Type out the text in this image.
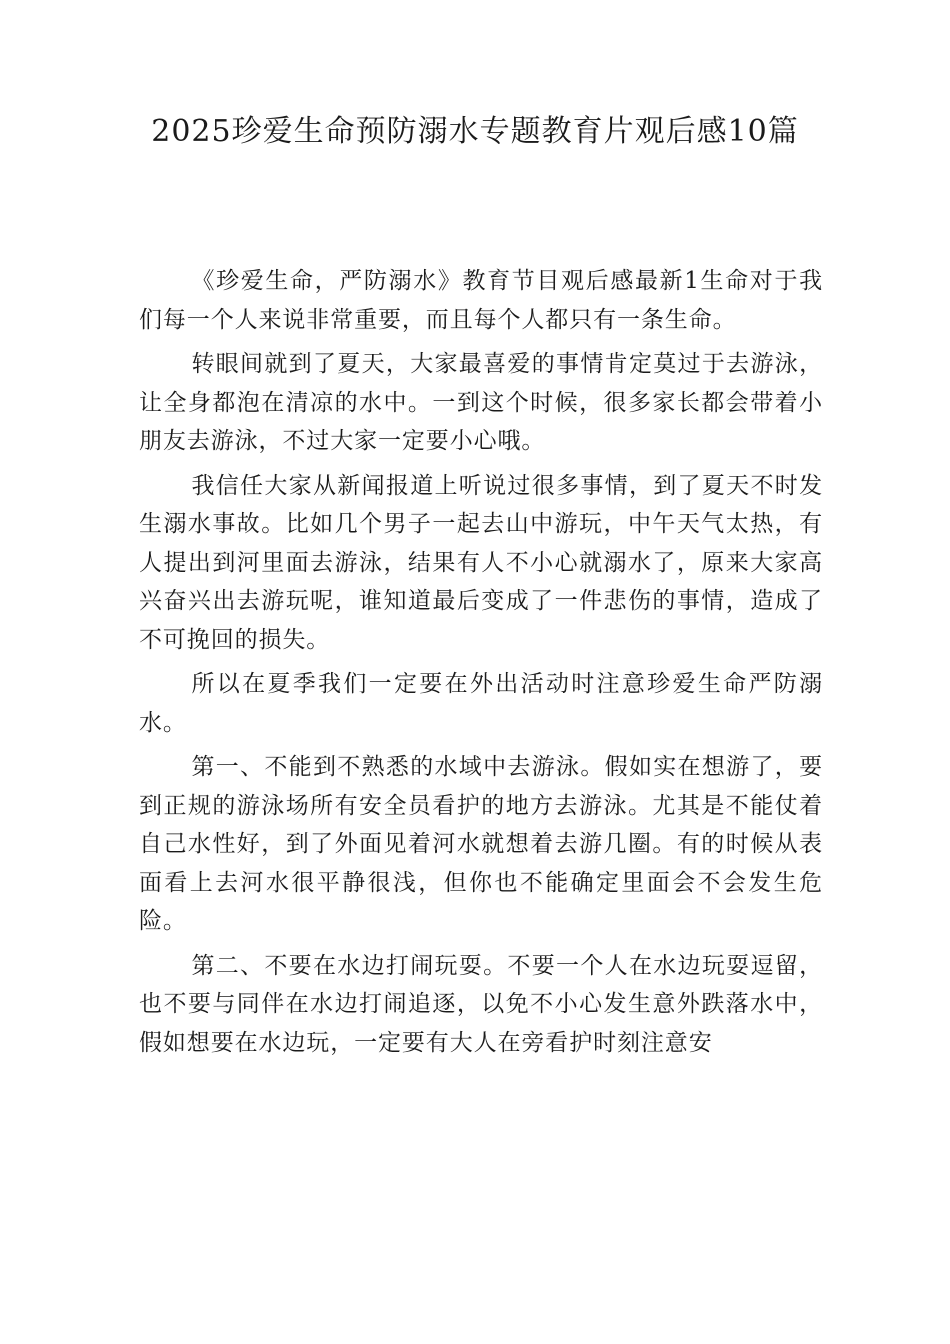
2025珍爱生命预防溺水专题教育片观后感10篇

《珍爱生命，严防溺水》教育节目观后感最新1生命对于我们每一个人来说非常重要，而且每个人都只有一条生命。

转眼间就到了夏天，大家最喜爱的事情肯定莫过于去游泳，让全身都泡在清凉的水中。一到这个时候，很多家长都会带着小朋友去游泳，不过大家一定要小心哦。

我信任大家从新闻报道上听说过很多事情，到了夏天不时发生溺水事故。比如几个男子一起去山中游玩，中午天气太热，有人提出到河里面去游泳，结果有人不小心就溺水了，原来大家高兴奋兴出去游玩呢，谁知道最后变成了一件悲伤的事情，造成了不可挽回的损失。

所以在夏季我们一定要在外出活动时注意珍爱生命严防溺水。

第一、不能到不熟悉的水域中去游泳。假如实在想游了，要到正规的游泳场所有安全员看护的地方去游泳。尤其是不能仗着自己水性好，到了外面见着河水就想着去游几圈。有的时候从表面看上去河水很平静很浅，但你也不能确定里面会不会发生危险。

第二、不要在水边打闹玩耍。不要一个人在水边玩耍逗留，也不要与同伴在水边打闹追逐，以免不小心发生意外跌落水中，假如想要在水边玩，一定要有大人在旁看护时刻注意安
